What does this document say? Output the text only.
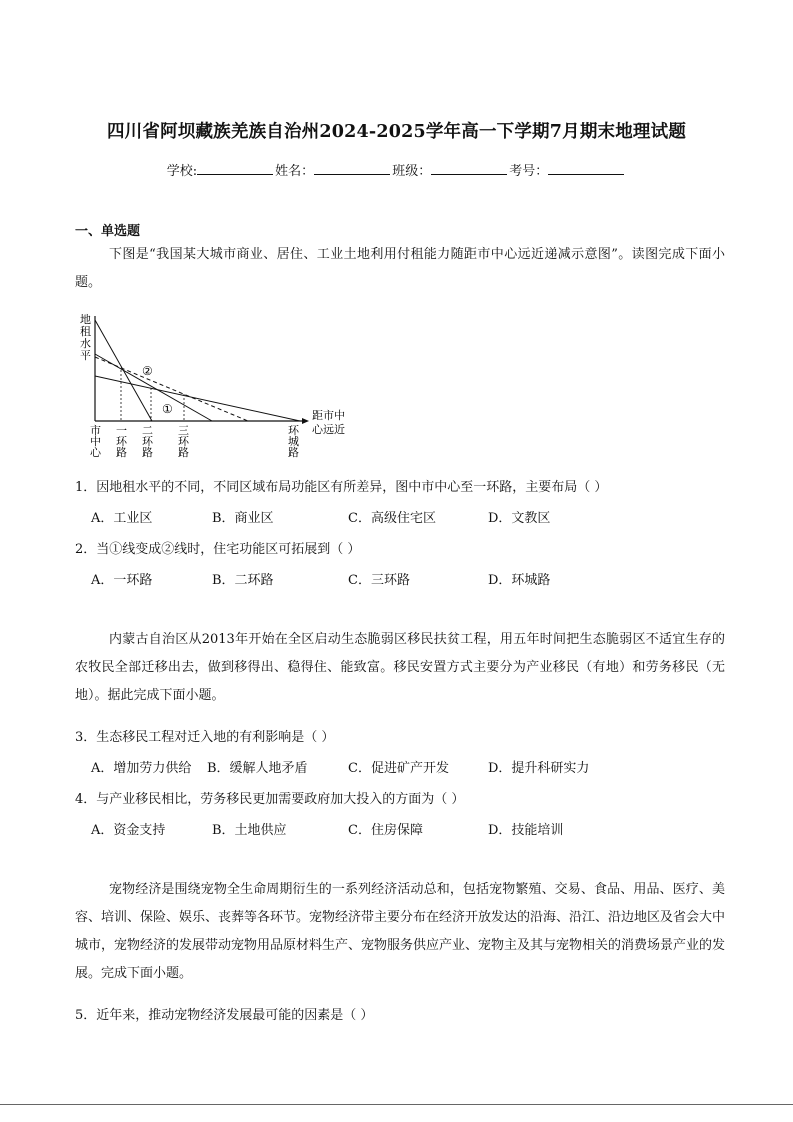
四川省阿坝藏族羌族自治州2024-2025学年高一下学期7月期末地理试题
学校:	姓名：	班级：	考号：
一、单选题
下图是“我国某大城市商业、居住、工业土地利用付租能力随距市中心远近递减示意图”。读图完成下面小题。
地
租
水
平
距市中
心远近
②
①
市
中
心
一
环
路
二
环
路
三
环
路
环
城
路
1．因地租水平的不同，不同区域布局功能区有所差异，图中市中心至一环路，主要布局（ ）
A．工业区	B．商业区	C．高级住宅区	D．文教区
2．当①线变成②线时，住宅功能区可拓展到（ ）
A．一环路	B．二环路	C．三环路	D．环城路
内蒙古自治区从2013年开始在全区启动生态脆弱区移民扶贫工程，用五年时间把生态脆弱区不适宜生存的农牧民全部迁移出去，做到移得出、稳得住、能致富。移民安置方式主要分为产业移民（有地）和劳务移民（无地）。据此完成下面小题。
3．生态移民工程对迁入地的有利影响是（ ）
A．增加劳力供给 B．缓解人地矛盾	C．促进矿产开发	D．提升科研实力
4．与产业移民相比，劳务移民更加需要政府加大投入的方面为（ ）
A．资金支持	B．土地供应	C．住房保障	D．技能培训
宠物经济是围绕宠物全生命周期衍生的一系列经济活动总和，包括宠物繁殖、交易、食品、用品、医疗、美容、培训、保险、娱乐、丧葬等各环节。宠物经济带主要分布在经济开放发达的沿海、沿江、沿边地区及省会大中城市，宠物经济的发展带动宠物用品原材料生产、宠物服务供应产业、宠物主及其与宠物相关的消费场景产业的发展。完成下面小题。
5．近年来，推动宠物经济发展最可能的因素是（ ）
